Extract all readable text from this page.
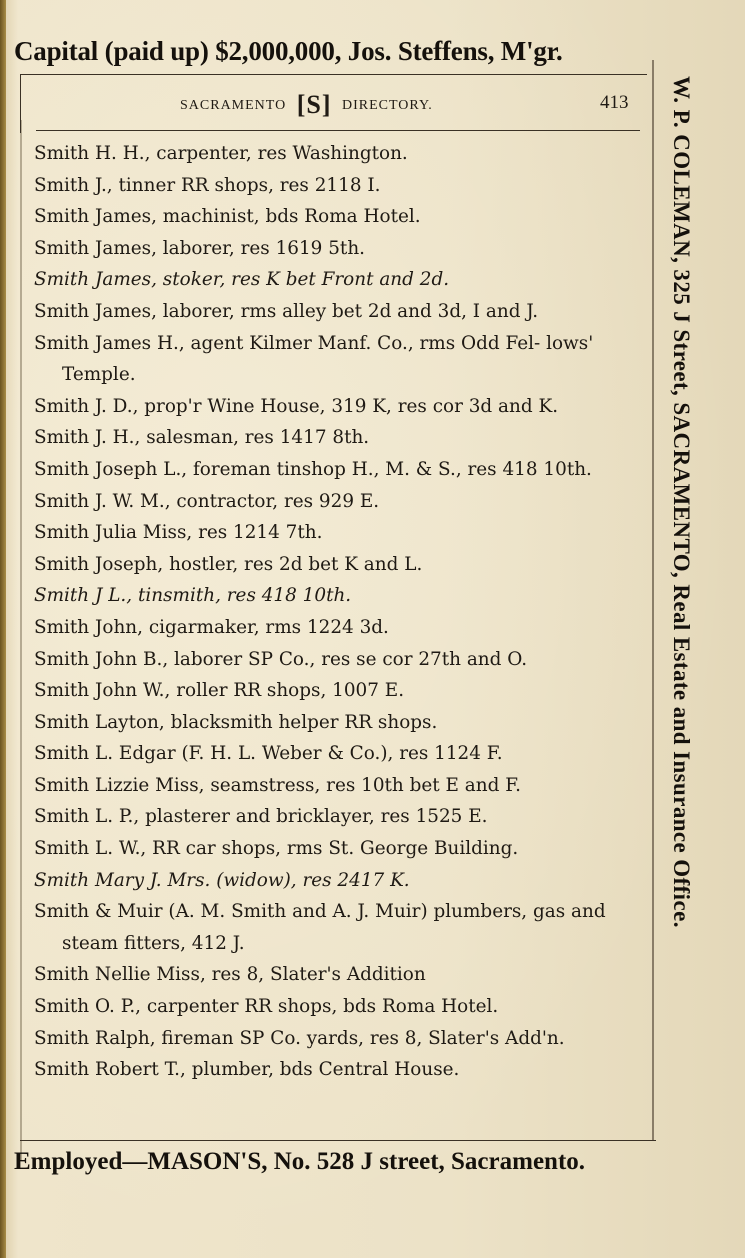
Capital (paid up) $2,000,000, Jos. Steffens, M'gr.
SACRAMENTO [S] DIRECTORY.	413
Smith H. H., carpenter, res Washington.
Smith J., tinner RR shops, res 2118 I.
Smith James, machinist, bds Roma Hotel.
Smith James, laborer, res 1619 5th.
Smith James, stoker, res K bet Front and 2d.
Smith James, laborer, rms alley bet 2d and 3d, I and J.
Smith James H., agent Kilmer Manf. Co., rms Odd Fel- lows' Temple.
Smith J. D., prop'r Wine House, 319 K, res cor 3d and K.
Smith J. H., salesman, res 1417 8th.
Smith Joseph L., foreman tinshop H., M. & S., res 418 10th.
Smith J. W. M., contractor, res 929 E.
Smith Julia Miss, res 1214 7th.
Smith Joseph, hostler, res 2d bet K and L.
Smith J L., tinsmith, res 418 10th.
Smith John, cigarmaker, rms 1224 3d.
Smith John B., laborer SP Co., res se cor 27th and O.
Smith John W., roller RR shops, 1007 E.
Smith Layton, blacksmith helper RR shops.
Smith L. Edgar (F. H. L. Weber & Co.), res 1124 F.
Smith Lizzie Miss, seamstress, res 10th bet E and F.
Smith L. P., plasterer and bricklayer, res 1525 E.
Smith L. W., RR car shops, rms St. George Building.
Smith Mary J. Mrs. (widow), res 2417 K.
Smith & Muir (A. M. Smith and A. J. Muir) plumbers, gas and steam fitters, 412 J.
Smith Nellie Miss, res 8, Slater's Addition
Smith O. P., carpenter RR shops, bds Roma Hotel.
Smith Ralph, fireman SP Co. yards, res 8, Slater's Add'n.
Smith Robert T., plumber, bds Central House.
W. P. COLEMAN, 325 J Street, SACRAMENTO, Real Estate and Insurance Office.
Employed—MASON'S, No. 528 J street, Sacramento.
